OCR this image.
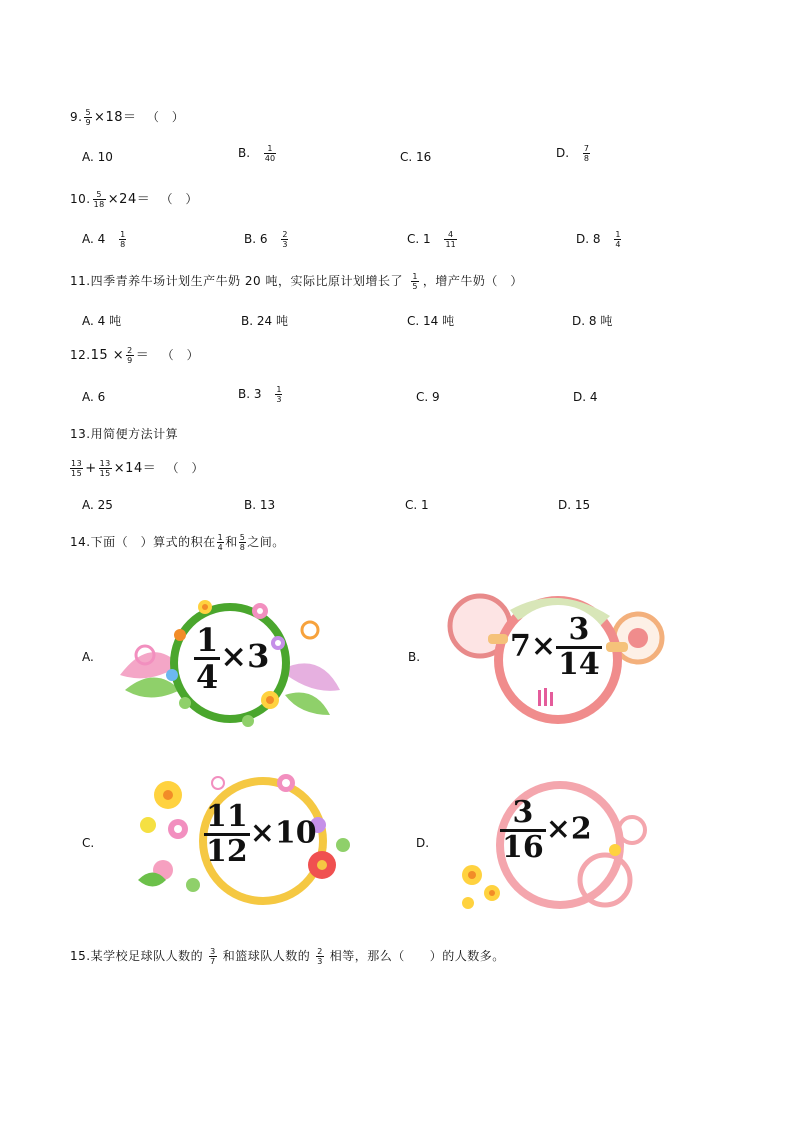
9. $\frac{5}{9} \times 18=$ （　）
A. 10	B. $\frac{1}{40}$	C. 16	D. $\frac{7}{8}$
10. $\frac{5}{18} \times 24=$ （　）
A. $4 \frac{1}{8}$	B. $6 \frac{2}{3}$	C. $1 \frac{4}{11}$	D. $8 \frac{1}{4}$
11.四季青养牛场计划生产牛奶 20 吨，实际比原计划增长了 $\frac{1}{5}$ ，增产牛奶（　）
A. 4 吨	B. 24 吨	C. 14 吨	D. 8 吨
$12.15 \times \frac{2}{9}$ ＝ （　）
A. 6	B. $3 \frac{1}{3}$	C. 9	D. 4
13.用简便方法计算
$\frac{13}{15} + \frac{13}{15} \times 14=$ （　）
A. 25	B. 13	C. 1	D. 15
14.下面（　）算式的积在 $\frac{1}{4}$ 和 $\frac{5}{8}$ 之间。
A.	$\frac{1}{4} \times 3$	B.	$7\times \frac{3}{14}$
C.	$\frac{11}{12} \times 10$	D. $\frac{3}{16} \times 2$
15.某学校足球队人数的 $\frac{3}{7}$ 和篮球队人数的 $\frac{2}{3}$ 相等，那么（　　）的人数多。
